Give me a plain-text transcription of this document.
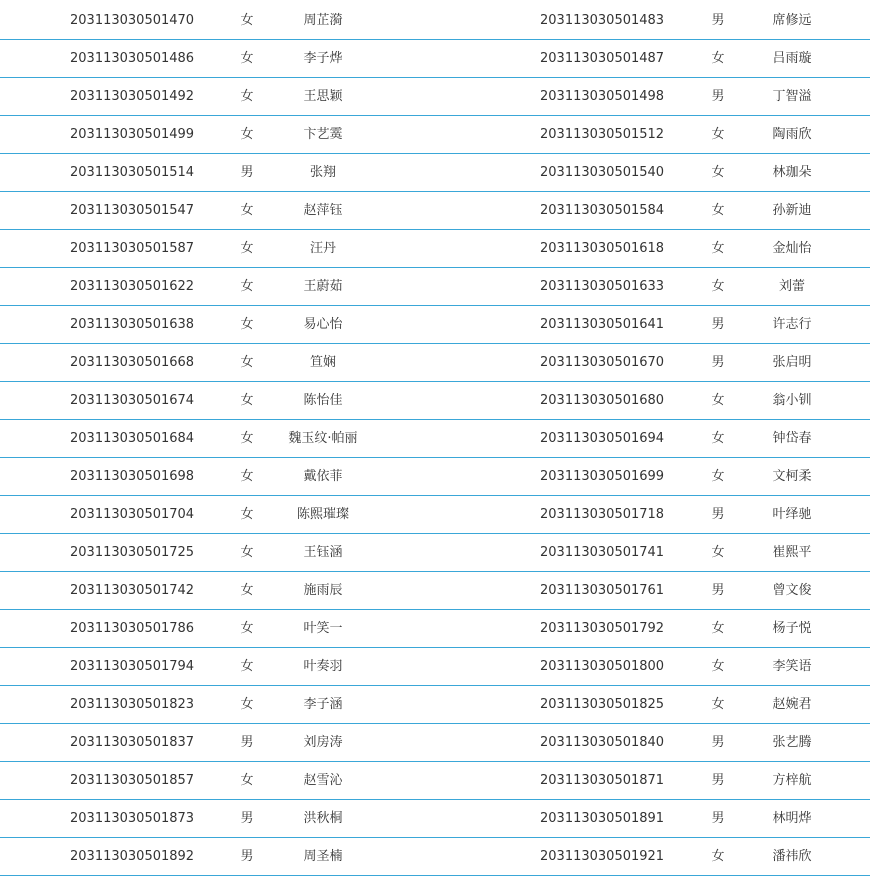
203113030501470	女	周芷漪	203113030501483	男	席修远
203113030501486	女	李子烨	203113030501487	女	吕雨璇
203113030501492	女	王思颖	203113030501498	男	丁智溢
203113030501499	女	卞艺霙	203113030501512	女	陶雨欣
203113030501514	男	张翔	203113030501540	女	林珈朵
203113030501547	女	赵萍钰	203113030501584	女	孙新迪
203113030501587	女	汪丹	203113030501618	女	金灿怡
203113030501622	女	王蔚茹	203113030501633	女	刘蕾
203113030501638	女	易心怡	203113030501641	男	许志行
203113030501668	女	笪娴	203113030501670	男	张启明
203113030501674	女	陈怡佳	203113030501680	女	翁小钏
203113030501684	女	魏玉纹·帕丽	203113030501694	女	钟岱春
203113030501698	女	戴依菲	203113030501699	女	文柯柔
203113030501704	女	陈熙璀璨	203113030501718	男	叶绎驰
203113030501725	女	王钰涵	203113030501741	女	崔熙平
203113030501742	女	施雨辰	203113030501761	男	曾文俊
203113030501786	女	叶笑一	203113030501792	女	杨子悦
203113030501794	女	叶奏羽	203113030501800	女	李笑语
203113030501823	女	李子涵	203113030501825	女	赵婉君
203113030501837	男	刘房涛	203113030501840	男	张艺腾
203113030501857	女	赵雪沁	203113030501871	男	方梓航
203113030501873	男	洪秋桐	203113030501891	男	林明烨
203113030501892	男	周圣楠	203113030501921	女	潘祎欣
